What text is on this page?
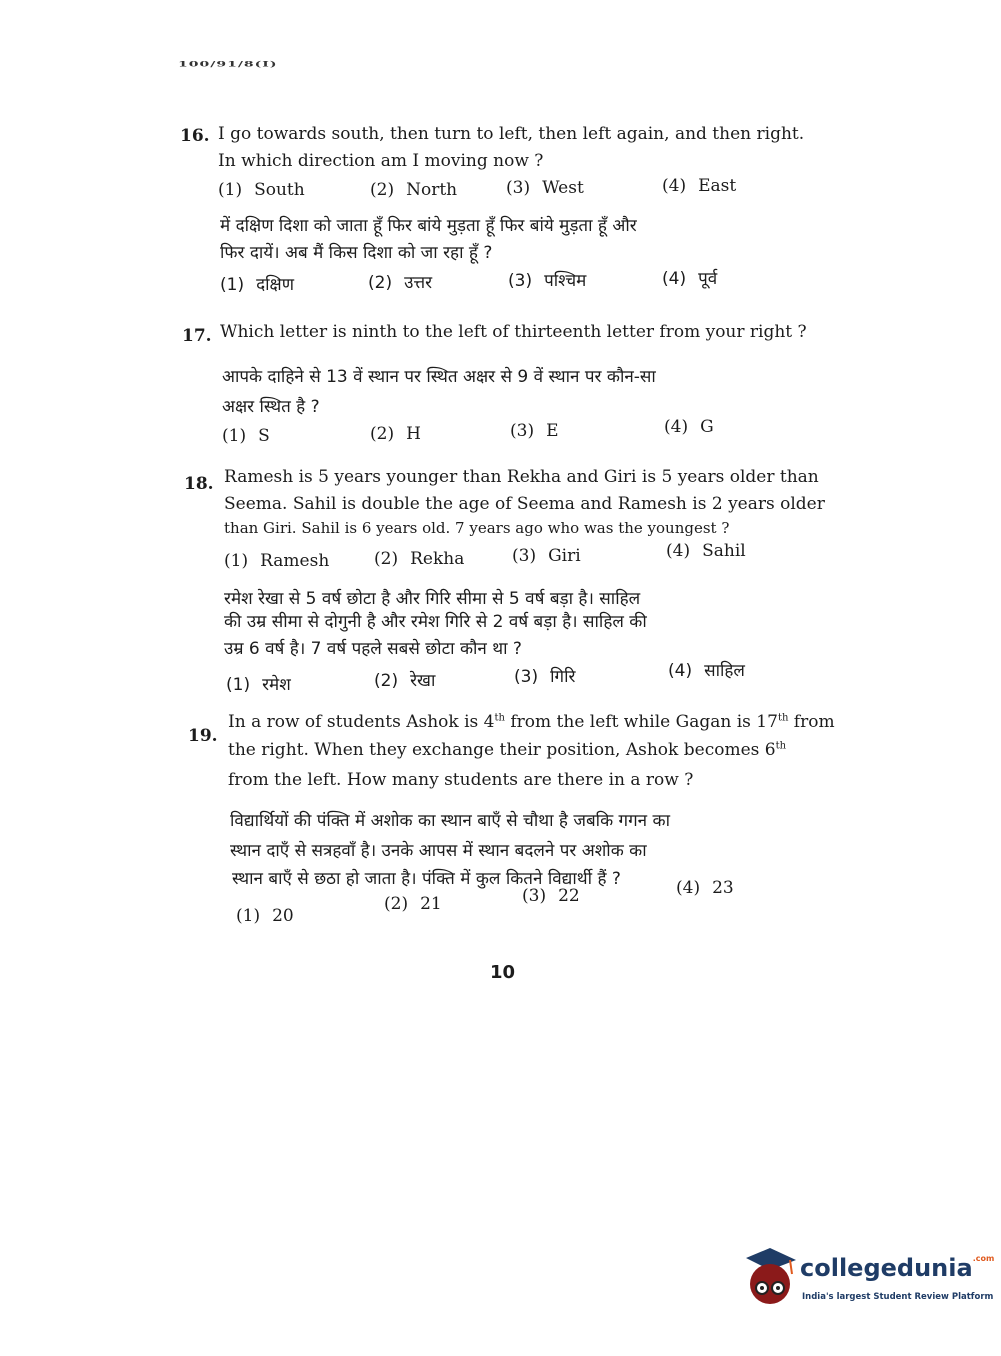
100/91/8(I)
16. I go towards south, then turn to left, then left again, and then right.
In which direction am I moving now ?
(1) South	(2) North	(3) West	(4) East
में दक्षिण दिशा को जाता हूँ फिर बांये मुड़ता हूँ फिर बांये मुड़ता हूँ और
फिर दायें। अब मैं किस दिशा को जा रहा हूँ ?
(1) दक्षिण	(2) उत्तर	(3) पश्चिम	(4) पूर्व
17. Which letter is ninth to the left of thirteenth letter from your right ?
आपके दाहिने से 13 वें स्थान पर स्थित अक्षर से 9 वें स्थान पर कौन-सा
अक्षर स्थित है ?
(1) S	(2) H	(3) E	(4) G
18. Ramesh is 5 years younger than Rekha and Giri is 5 years older than
Seema. Sahil is double the age of Seema and Ramesh is 2 years older
than Giri. Sahil is 6 years old. 7 years ago who was the youngest ?
(1) Ramesh	(2) Rekha	(3) Giri	(4) Sahil
रमेश रेखा से 5 वर्ष छोटा है और गिरि सीमा से 5 वर्ष बड़ा है। साहिल
की उम्र सीमा से दोगुनी है और रमेश गिरि से 2 वर्ष बड़ा है। साहिल की
उम्र 6 वर्ष है। 7 वर्ष पहले सबसे छोटा कौन था ?
(1) रमेश	(2) रेखा	(3) गिरि	(4) साहिल
19.
In a row of students Ashok is 4th from the left while Gagan is 17th from
the right. When they exchange their position, Ashok becomes 6th
from the left. How many students are there in a row ?
विद्यार्थियों की पंक्ति में अशोक का स्थान बाएँ से चौथा है जबकि गगन का
स्थान दाएँ से सत्रहवाँ है। उनके आपस में स्थान बदलने पर अशोक का
स्थान बाएँ से छठा हो जाता है। पंक्ति में कुल कितने विद्यार्थी हैं ?
(1) 20
(2) 21	(3) 22	(4) 23
10
collegedunia$^{.com}$
India's largest Student Review Platform
